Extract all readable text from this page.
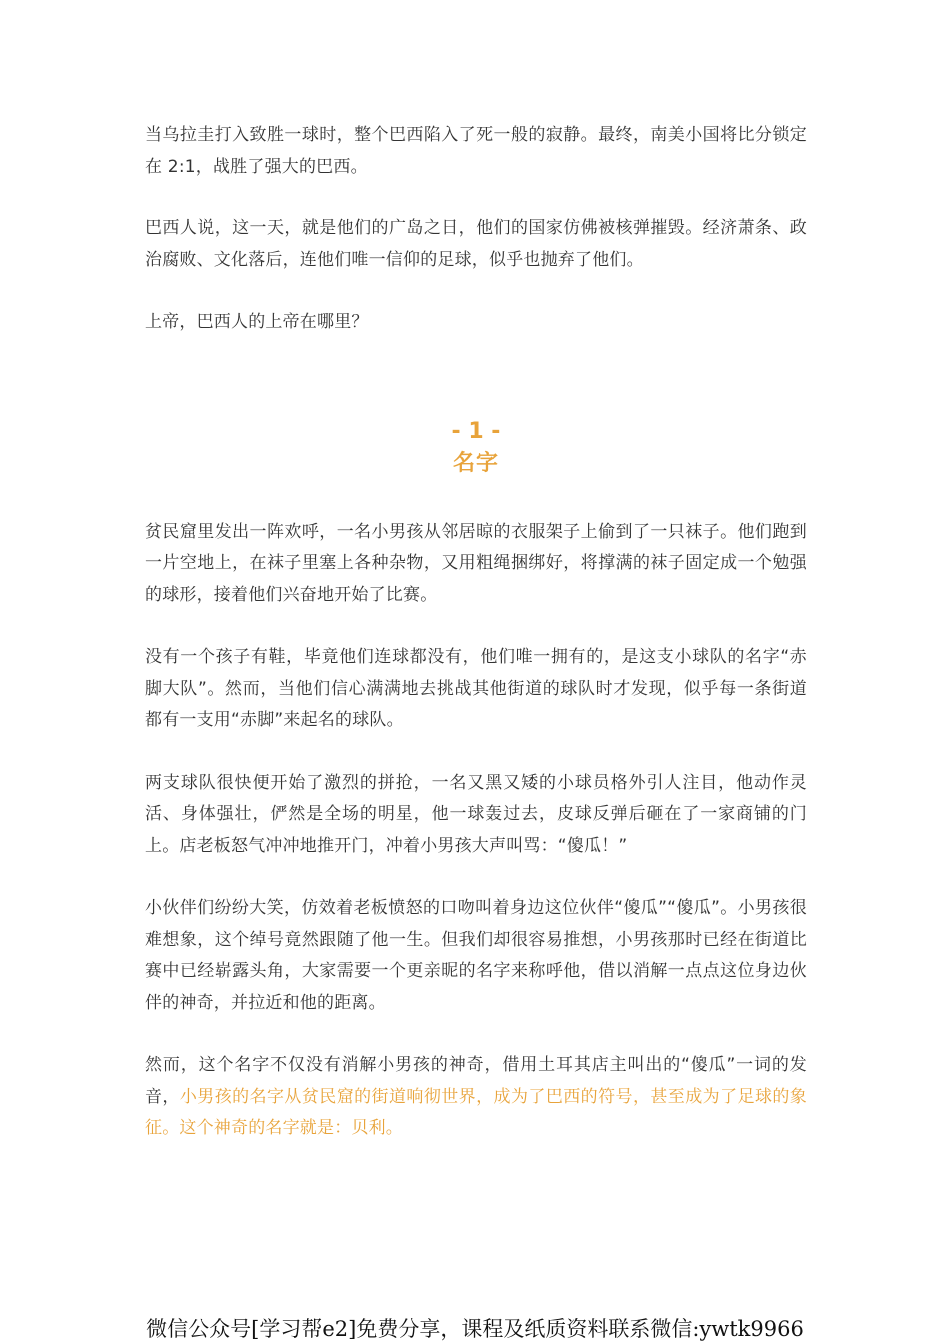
当乌拉圭打入致胜一球时，整个巴西陷入了死一般的寂静。最终，南美小国将比分锁定在 2:1，战胜了强大的巴西。

巴西人说，这一天，就是他们的广岛之日，他们的国家仿佛被核弹摧毁。经济萧条、政治腐败、文化落后，连他们唯一信仰的足球，似乎也抛弃了他们。

上帝，巴西人的上帝在哪里？

- 1 -
名字

贫民窟里发出一阵欢呼，一名小男孩从邻居晾的衣服架子上偷到了一只袜子。他们跑到一片空地上，在袜子里塞上各种杂物，又用粗绳捆绑好，将撑满的袜子固定成一个勉强的球形，接着他们兴奋地开始了比赛。

没有一个孩子有鞋，毕竟他们连球都没有，他们唯一拥有的，是这支小球队的名字“赤脚大队”。然而，当他们信心满满地去挑战其他街道的球队时才发现，似乎每一条街道都有一支用“赤脚”来起名的球队。

两支球队很快便开始了激烈的拼抢，一名又黑又矮的小球员格外引人注目，他动作灵活、身体强壮，俨然是全场的明星，他一球轰过去，皮球反弹后砸在了一家商铺的门上。店老板怒气冲冲地推开门，冲着小男孩大声叫骂：“傻瓜！”

小伙伴们纷纷大笑，仿效着老板愤怒的口吻叫着身边这位伙伴“傻瓜”“傻瓜”。小男孩很难想象，这个绰号竟然跟随了他一生。但我们却很容易推想，小男孩那时已经在街道比赛中已经崭露头角，大家需要一个更亲昵的名字来称呼他，借以消解一点点这位身边伙伴的神奇，并拉近和他的距离。

然而，这个名字不仅没有消解小男孩的神奇，借用土耳其店主叫出的“傻瓜”一词的发音，小男孩的名字从贫民窟的街道响彻世界，成为了巴西的符号，甚至成为了足球的象征。这个神奇的名字就是：贝利。

微信公众号[学习帮e2]免费分享，课程及纸质资料联系微信:ywtk9966
